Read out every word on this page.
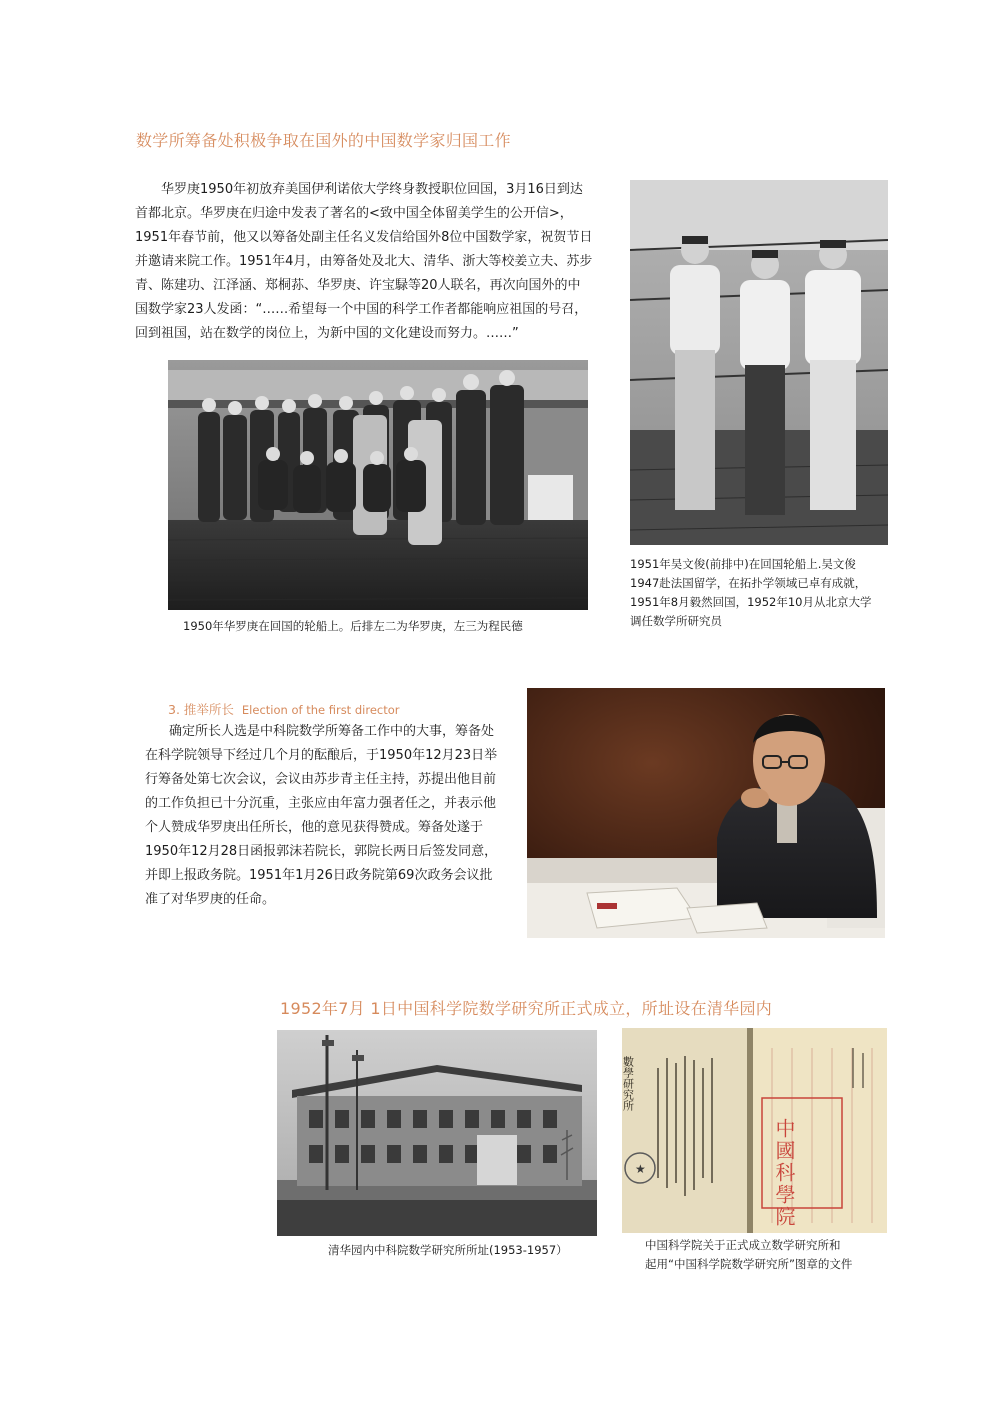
数学所筹备处积极争取在国外的中国数学家归国工作
华罗庚1950年初放弃美国伊利诺依大学终身教授职位回国，3月16日到达
首都北京。华罗庚在归途中发表了著名的<致中国全体留美学生的公开信>，
1951年春节前，他又以筹备处副主任名义发信给国外8位中国数学家，祝贺节日
并邀请来院工作。1951年4月，由筹备处及北大、清华、浙大等校姜立夫、苏步
青、陈建功、江泽涵、郑桐荪、华罗庚、许宝騄等20人联名，再次向国外的中
国数学家23人发函：“……希望每一个中国的科学工作者都能响应祖国的号召，
回到祖国，站在数学的岗位上，为新中国的文化建设而努力。……”
1950年华罗庚在回国的轮船上。后排左二为华罗庚，左三为程民德
1951年吴文俊(前排中)在回国轮船上.吴文俊
1947赴法国留学，在拓扑学领域已卓有成就，
1951年8月毅然回国，1952年10月从北京大学
调任数学所研究员
3. 推举所长 Election of the first director
确定所长人选是中科院数学所筹备工作中的大事，筹备处
在科学院领导下经过几个月的酝酿后，于1950年12月23日举
行筹备处第七次会议，会议由苏步青主任主持，苏提出他目前
的工作负担已十分沉重，主张应由年富力强者任之，并表示他
个人赞成华罗庚出任所长，他的意见获得赞成。筹备处遂于
1950年12月28日函报郭沫若院长，郭院长两日后签发同意，
并即上报政务院。1951年1月26日政务院第69次政务会议批
准了对华罗庚的任命。
1952年7月 1日中国科学院数学研究所正式成立，所址设在清华园内
清华园内中科院数学研究所所址(1953-1957）
數學研究所
★	中國科學院
中国科学院关于正式成立数学研究所和
起用“中国科学院数学研究所”图章的文件
